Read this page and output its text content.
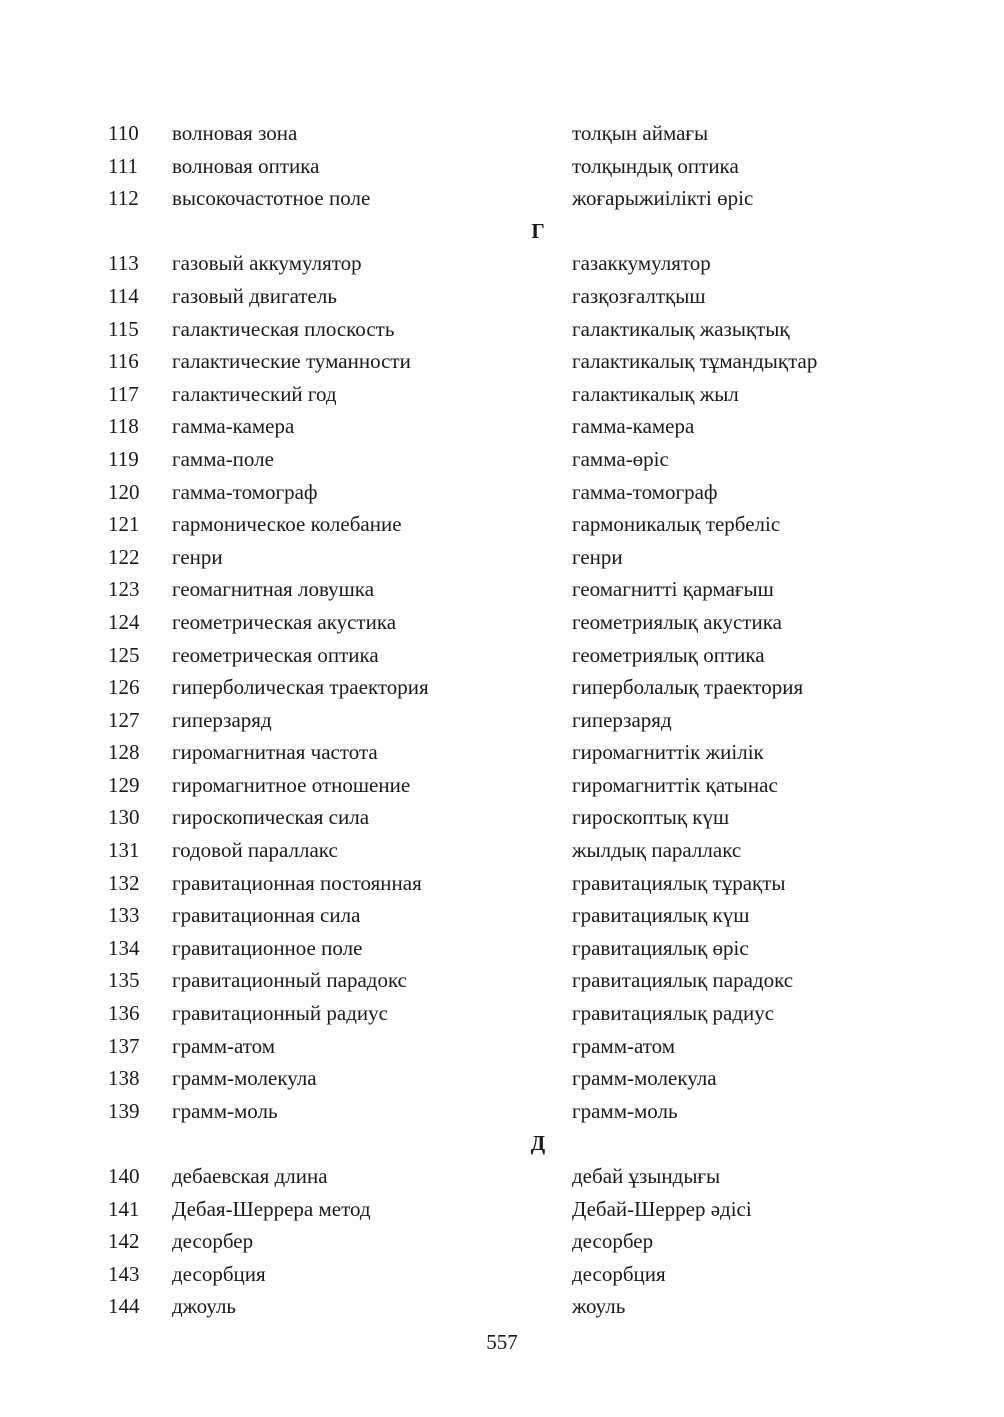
110 волновая зона	толқын аймағы
111 волновая оптика	толқындық оптика
112 высокочастотное поле	жоғарыжиілікті өріс
Г
113 газовый аккумулятор	газаккумулятор
114 газовый двигатель	газқозғалтқыш
115 галактическая плоскость	галактикалық жазықтық
116 галактические туманности	галактикалық тұмандықтар
117 галактический год	галактикалық жыл
118 гамма-камера	гамма-камера
119 гамма-поле	гамма-өріс
120 гамма-томограф	гамма-томограф
121 гармоническое колебание	гармоникалық тербеліс
122 генри	генри
123 геомагнитная ловушка	геомагнитті қармағыш
124 геометрическая акустика	геометриялық акустика
125 геометрическая оптика	геометриялық оптика
126 гиперболическая траектория	гиперболалық траектория
127 гиперзаряд	гиперзаряд
128 гиромагнитная частота	гиромагниттік жиілік
129 гиромагнитное отношение	гиромагниттік қатынас
130 гироскопическая сила	гироскоптық күш
131 годовой параллакс	жылдық параллакс
132 гравитационная постоянная	гравитациялық тұрақты
133 гравитационная сила	гравитациялық күш
134 гравитационное поле	гравитациялық өріс
135 гравитационный парадокс	гравитациялық парадокс
136 гравитационный радиус	гравитациялық радиус
137 грамм-атом	грамм-атом
138 грамм-молекула	грамм-молекула
139 грамм-моль	грамм-моль
Д
140 дебаевская длина	дебай ұзындығы
141 Дебая-Шеррера метод	Дебай-Шеррер әдісі
142 десорбер	десорбер
143 десорбция	десорбция
144 джоуль	жоуль
557
